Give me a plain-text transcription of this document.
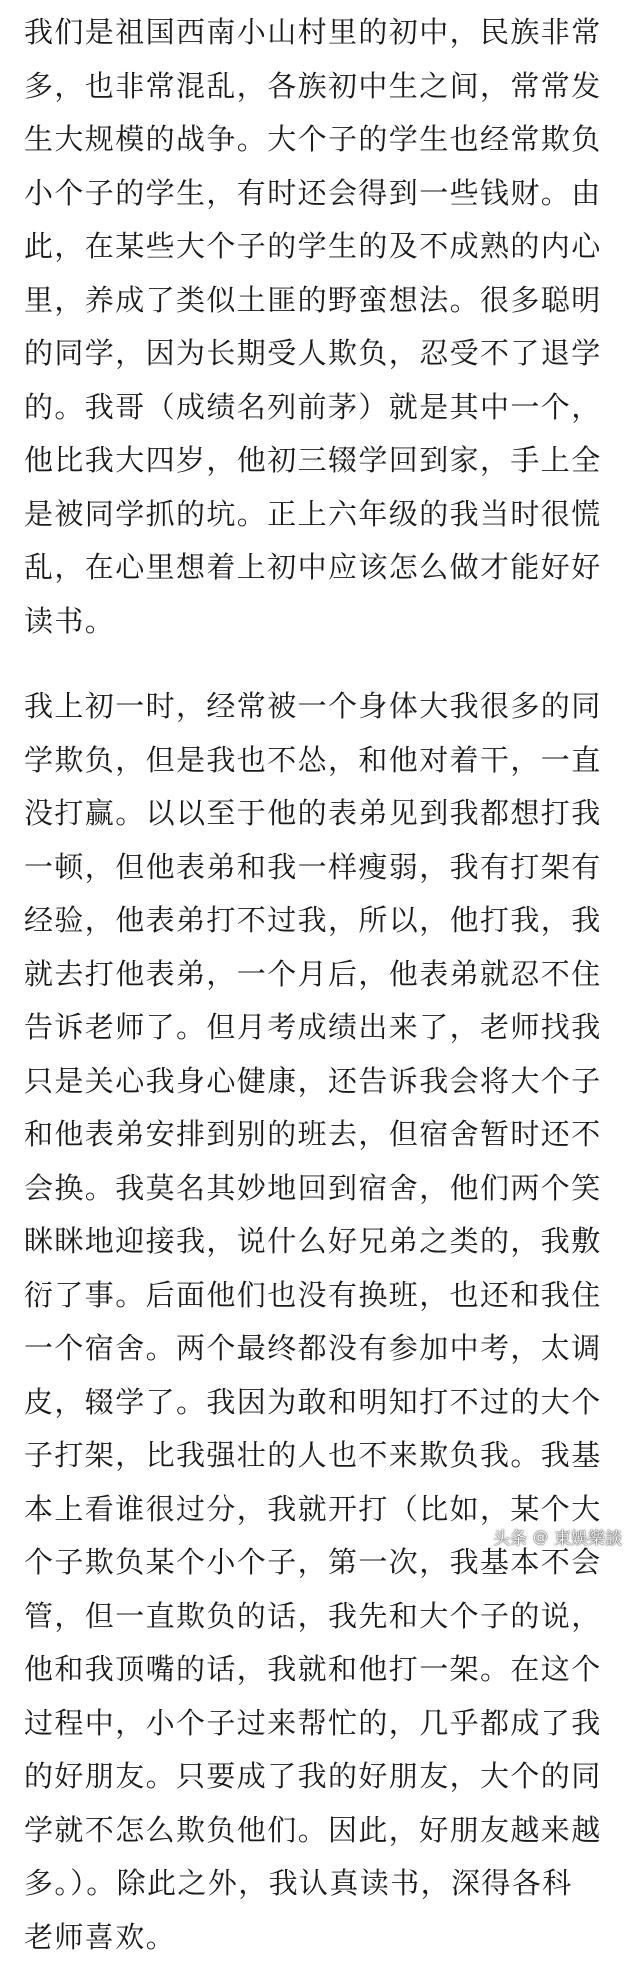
我们是祖国西南小山村里的初中，民族非常
多，也非常混乱，各族初中生之间，常常发
生大规模的战争。大个子的学生也经常欺负
小个子的学生，有时还会得到一些钱财。由
此，在某些大个子的学生的及不成熟的内心
里，养成了类似土匪的野蛮想法。很多聪明
的同学，因为长期受人欺负，忍受不了退学
的。我哥（成绩名列前茅）就是其中一个，
他比我大四岁，他初三辍学回到家，手上全
是被同学抓的坑。正上六年级的我当时很慌
乱，在心里想着上初中应该怎么做才能好好
读书。
我上初一时，经常被一个身体大我很多的同
学欺负，但是我也不怂，和他对着干，一直
没打赢。以以至于他的表弟见到我都想打我
一顿，但他表弟和我一样瘦弱，我有打架有
经验，他表弟打不过我，所以，他打我，我
就去打他表弟，一个月后，他表弟就忍不住
告诉老师了。但月考成绩出来了，老师找我
只是关心我身心健康，还告诉我会将大个子
和他表弟安排到别的班去，但宿舍暂时还不
会换。我莫名其妙地回到宿舍，他们两个笑
眯眯地迎接我，说什么好兄弟之类的，我敷
衍了事。后面他们也没有换班，也还和我住
一个宿舍。两个最终都没有参加中考，太调
皮，辍学了。我因为敢和明知打不过的大个
子打架，比我强壮的人也不来欺负我。我基
本上看谁很过分，我就开打（比如，某个大
个子欺负某个小个子，第一次，我基本不会
管，但一直欺负的话，我先和大个子的说，
他和我顶嘴的话，我就和他打一架。在这个
过程中，小个子过来帮忙的，几乎都成了我
的好朋友。只要成了我的好朋友，大个的同
学就不怎么欺负他们。因此，好朋友越来越
多。）。除此之外，我认真读书，深得各科
老师喜欢。
头条 @ 東娛樂談
